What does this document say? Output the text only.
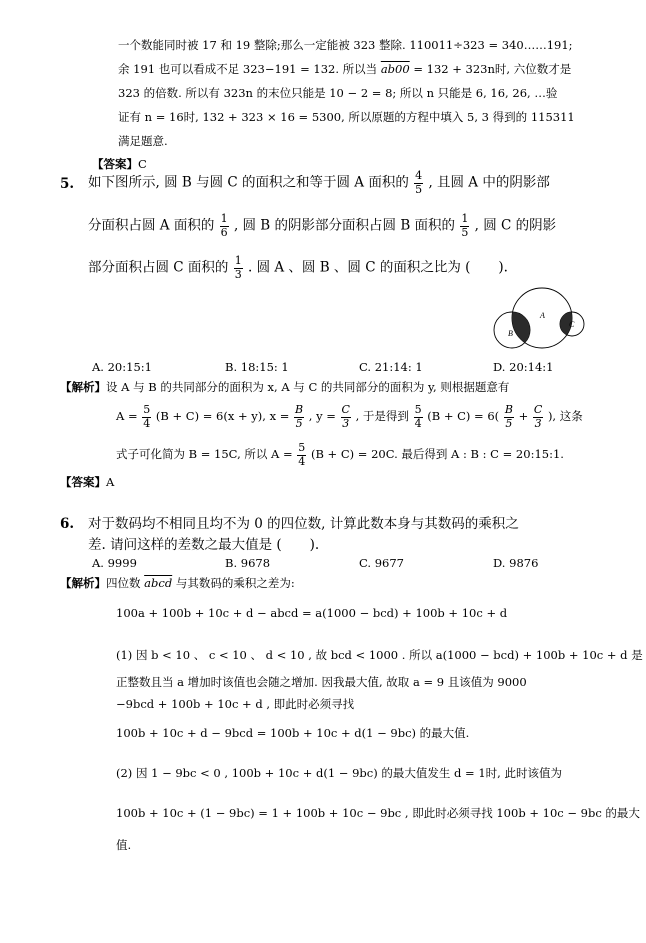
一个数能同时被 17 和 19 整除;那么一定能被 323 整除. 110011÷323 = 340……191;
余 191 也可以看成不足 323−191 = 132. 所以当 ab00 = 132 + 323n时, 六位数才是
323 的倍数. 所以有 323n 的末位只能是 10 − 2 = 8; 所以 n 只能是 6, 16, 26, …验
证有 n = 16时, 132 + 323 × 16 = 5300, 所以原题的方程中填入 5, 3 得到的 115311
满足题意.
【答案】C
5. 如下图所示, 圆 B 与圆 C 的面积之和等于圆 A 面积的 $\frac{4}{5}$ , 且圆 A 中的阴影部
分面积占圆 A 面积的 $\frac{1}{6}$ , 圆 B 的阴影部分面积占圆 B 面积的 $\frac{1}{5}$ , 圆 C 的阴影
部分面积占圆 C 面积的 $\frac{1}{3}$ . 圆 A 、圆 B 、圆 C 的面积之比为 ( ).
A
B
C
A. 20:15:1	B. 18:15: 1	C. 21:14: 1	D. 20:14:1
【解析】设 A 与 B 的共同部分的面积为 x, A 与 C 的共同部分的面积为 y, 则根据题意有
$A = \frac{5}{4} (B + C) = 6(x + y)$, $x = \frac{B}{5}$ , $y = \frac{C}{3}$ , 于是得到 $\frac{5}{4} (B + C) = 6( \frac{B}{5} + \frac{C}{3}$ ), 这条
式子可化简为 B = 15C, 所以 $A = \frac{5}{4} (B + C) = 20C$. 最后得到 A : B : C = 20:15:1.
【答案】A
6. 对于数码均不相同且均不为 0 的四位数, 计算此数本身与其数码的乘积之
差. 请问这样的差数之最大值是 ( ).
A. 9999	B. 9678	C. 9677	D. 9876
【解析】四位数 abcd 与其数码的乘积之差为:
100a + 100b + 10c + d − abcd = a(1000 − bcd) + 100b + 10c + d
(1) 因 b < 10 、 c < 10 、 d < 10 , 故 bcd < 1000 . 所以 a(1000 − bcd) + 100b + 10c + d 是
正整数且当 a 增加时该值也会随之增加. 因我最大值, 故取 a = 9 且该值为 9000
−9bcd + 100b + 10c + d , 即此时必须寻找
100b + 10c + d − 9bcd = 100b + 10c + d(1 − 9bc) 的最大值.
(2) 因 1 − 9bc < 0 , 100b + 10c + d(1 − 9bc) 的最大值发生 d = 1时, 此时该值为
100b + 10c + (1 − 9bc) = 1 + 100b + 10c − 9bc , 即此时必须寻找 100b + 10c − 9bc 的最大
值.
